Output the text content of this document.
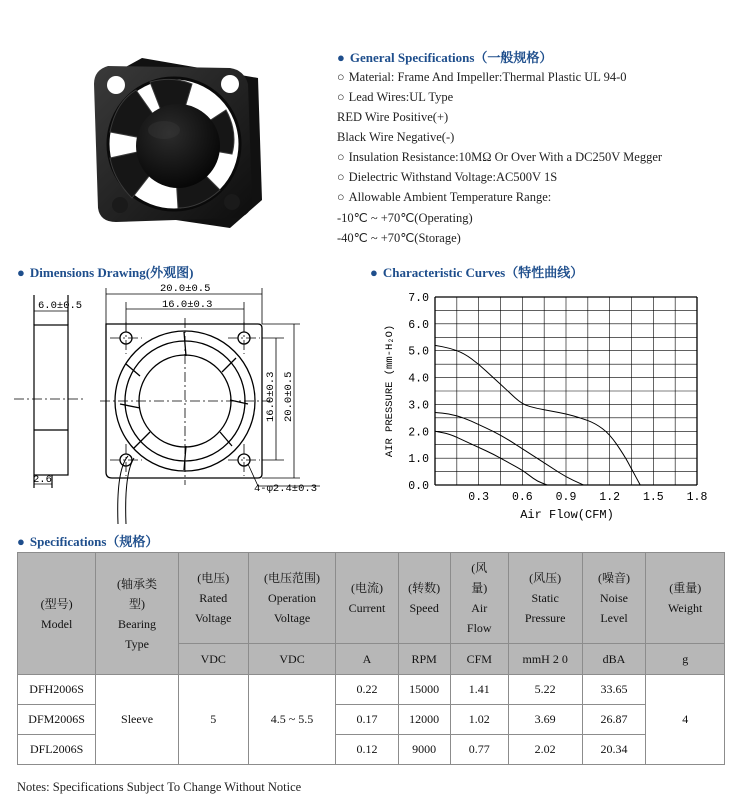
● General Specifications（一般规格）
○ Material: Frame And Impeller:Thermal Plastic UL 94-0
○ Lead Wires:UL Type
RED Wire Positive(+)
Black Wire Negative(-)
○ Insulation Resistance:10MΩ Or Over With a DC250V Megger
○ Dielectric Withstand Voltage:AC500V 1S
○ Allowable Ambient Temperature Range:
-10℃ ~ +70℃(Operating)
-40℃ ~ +70℃(Storage)
● Dimensions Drawing(外观图)
6.0±0.5
2.6
20.0±0.5
16.0±0.3
16.0±0.3 20.0±0.5
4-φ2.4±0.3
● Characteristic Curves（特性曲线）
0.0
1.0
2.0
3.0
4.0
5.0
6.0
7.0
0.3 0.6 0.9 1.2 1.5 1.8
Air Flow(CFM)
AIR PRESSURE (mm-H₂O)
● Specifications（规格）
(型号)
Model	(轴承类
型)
Bearing
Type	(电压)
Rated
Voltage	(电压范围)
Operation
Voltage	(电流)
Current	(转数)
Speed	(风
量)
Air
Flow	(风压)
Static
Pressure	(噪音)
Noise
Level	(重量)
Weight
		VDC	VDC	A	RPM	CFM	mmH 2 0	dBA	g
DFH2006S	Sleeve	5	4.5 ~ 5.5	0.22	15000	1.41	5.22	33.65	4
DFM2006S				0.17	12000	1.02	3.69	26.87	
DFL2006S				0.12	9000	0.77	2.02	20.34	
Notes: Specifications Subject To Change Without Notice
